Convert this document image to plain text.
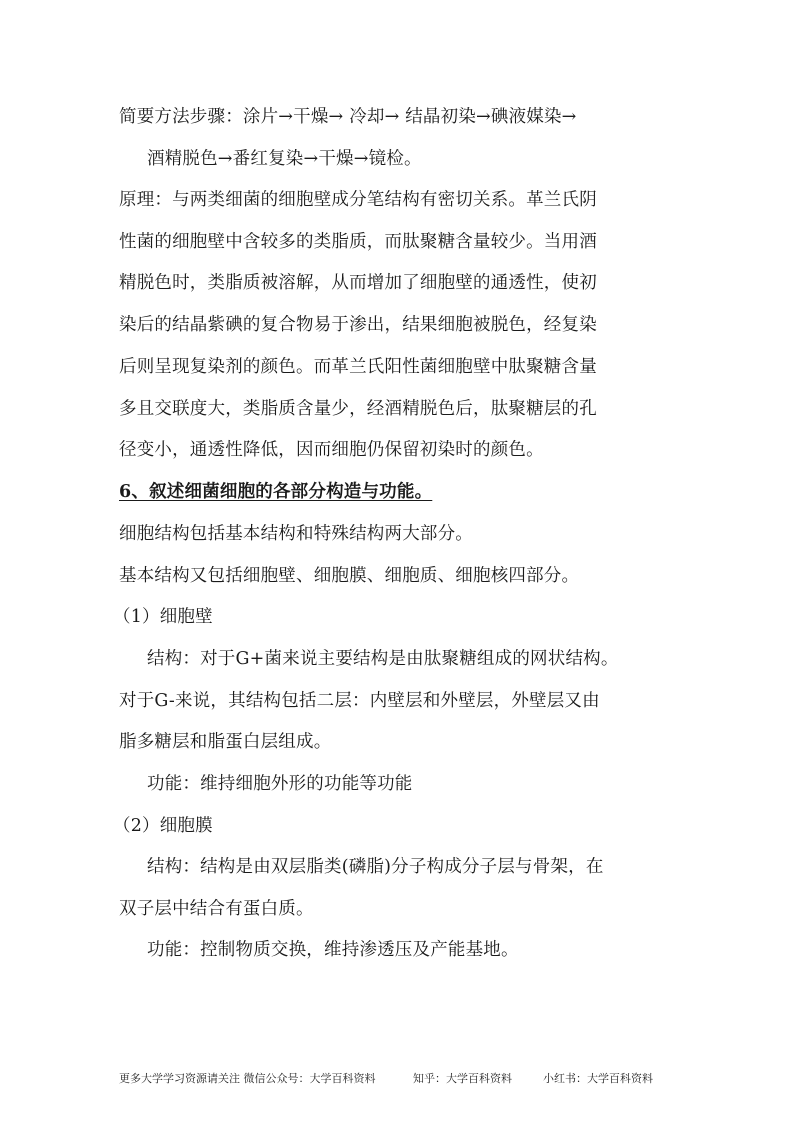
简要方法步骤：涂片→干燥→ 冷却→ 结晶初染→碘液媒染→
酒精脱色→番红复染→干燥→镜检。
原理：与两类细菌的细胞壁成分笔结构有密切关系。革兰氏阴
性菌的细胞壁中含较多的类脂质，而肽聚糖含量较少。当用酒
精脱色时，类脂质被溶解，从而增加了细胞壁的通透性，使初
染后的结晶紫碘的复合物易于渗出，结果细胞被脱色，经复染
后则呈现复染剂的颜色。而革兰氏阳性菌细胞壁中肽聚糖含量
多且交联度大，类脂质含量少，经酒精脱色后，肽聚糖层的孔
径变小，通透性降低，因而细胞仍保留初染时的颜色。
6、叙述细菌细胞的各部分构造与功能。
细胞结构包括基本结构和特殊结构两大部分。
基本结构又包括细胞壁、细胞膜、细胞质、细胞核四部分。
（1）细胞壁
结构：对于G+菌来说主要结构是由肽聚糖组成的网状结构。
对于G-来说，其结构包括二层：内壁层和外壁层，外壁层又由
脂多糖层和脂蛋白层组成。
功能：维持细胞外形的功能等功能
（2）细胞膜
结构：结构是由双层脂类(磷脂)分子构成分子层与骨架，在
双子层中结合有蛋白质。
功能：控制物质交换，维持渗透压及产能基地。
更多大学学习资源请关注 微信公众号：大学百科资料	知乎：大学百科资料	小红书：大学百科资料
